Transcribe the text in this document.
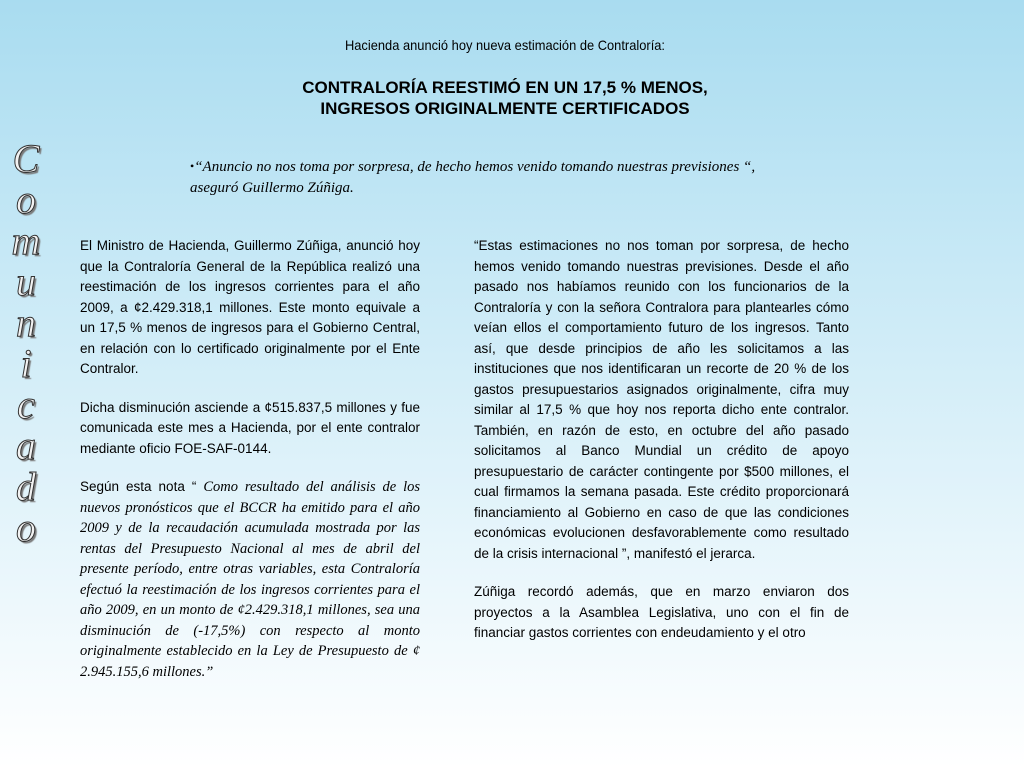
Hacienda anunció hoy nueva estimación de Contraloría:
CONTRALORÍA REESTIMÓ EN UN 17,5 % MENOS,
INGRESOS ORIGINALMENTE CERTIFICADOS
•“Anuncio no nos toma por sorpresa, de hecho hemos venido tomando nuestras previsiones “, aseguró Guillermo Zúñiga.
C
o
m
u
n
i
c
a
d
o

El Ministro de Hacienda, Guillermo Zúñiga, anunció hoy que la Contraloría General de la República realizó una reestimación de los ingresos corrientes para el año 2009, a ¢2.429.318,1 millones. Este monto equivale a un 17,5 % menos de ingresos para el Gobierno Central, en relación con lo certificado originalmente por el Ente Contralor.

Dicha disminución asciende a ¢515.837,5 millones y fue comunicada este mes a Hacienda, por el ente contralor mediante oficio FOE-SAF-0144.

Según esta nota “ Como resultado del análisis de los nuevos pronósticos que el BCCR ha emitido para el año 2009 y de la recaudación acumulada mostrada por las rentas del Presupuesto Nacional al mes de abril del presente período, entre otras variables, esta Contraloría efectuó la reestimación de los ingresos corrientes para el año 2009, en un monto de ¢2.429.318,1 millones, sea una disminución de (-17,5%) con respecto al monto originalmente establecido en la Ley de Presupuesto de ¢ 2.945.155,6 millones.”

“Estas estimaciones no nos toman por sorpresa, de hecho hemos venido tomando nuestras previsiones. Desde el año pasado nos habíamos reunido con los funcionarios de la Contraloría y con la señora Contralora para plantearles cómo veían ellos el comportamiento futuro de los ingresos. Tanto así, que desde principios de año les solicitamos a las instituciones que nos identificaran un recorte de 20 % de los gastos presupuestarios asignados originalmente, cifra muy similar al 17,5 % que hoy nos reporta dicho ente contralor. También, en razón de esto, en octubre del año pasado solicitamos al Banco Mundial un crédito de apoyo presupuestario de carácter contingente por $500 millones, el cual firmamos la semana pasada. Este crédito proporcionará financiamiento al Gobierno en caso de que las condiciones económicas evolucionen desfavorablemente como resultado de la crisis internacional ”, manifestó el jerarca.

Zúñiga recordó además, que en marzo enviaron dos proyectos a la Asamblea Legislativa, uno con el fin de financiar gastos corrientes con endeudamiento y el otro
